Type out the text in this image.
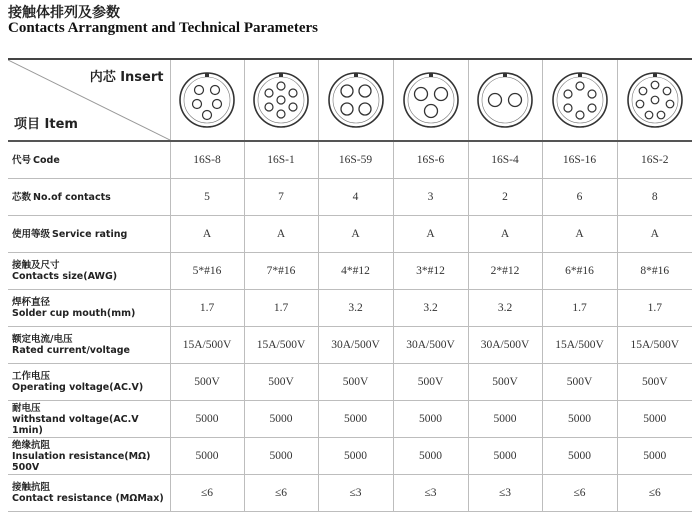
接触体排列及参数
Contacts Arrangment and Technical Parameters
内芯 Insert
项目 Item

代号 Code	16S-8	16S-1	16S-59	16S-6	16S-4	16S-16	16S-2

芯数 No.of contacts	5	7	4	3	2	6	8

使用等级 Service rating	A	A	A	A	A	A	A

接触及尺寸
Contacts size(AWG)	5*#16	7*#16	4*#12	3*#12	2*#12	6*#16	8*#16

焊杯直径
Solder cup mouth(mm)	1.7	1.7	3.2	3.2	3.2	1.7	1.7

额定电流/电压
Rated current/voltage	15A/500V	15A/500V	30A/500V	30A/500V	30A/500V	15A/500V	15A/500V

工作电压
Operating voltage(AC.V)	500V	500V	500V	500V	500V	500V	500V

耐电压
withstand voltage(AC.V 1min)	5000	5000	5000	5000	5000	5000	5000

绝缘抗阻
Insulation resistance(MΩ) 500V	5000	5000	5000	5000	5000	5000	5000

接触抗阻
Contact resistance (MΩMax)	≤6	≤6	≤3	≤3	≤3	≤6	≤6
